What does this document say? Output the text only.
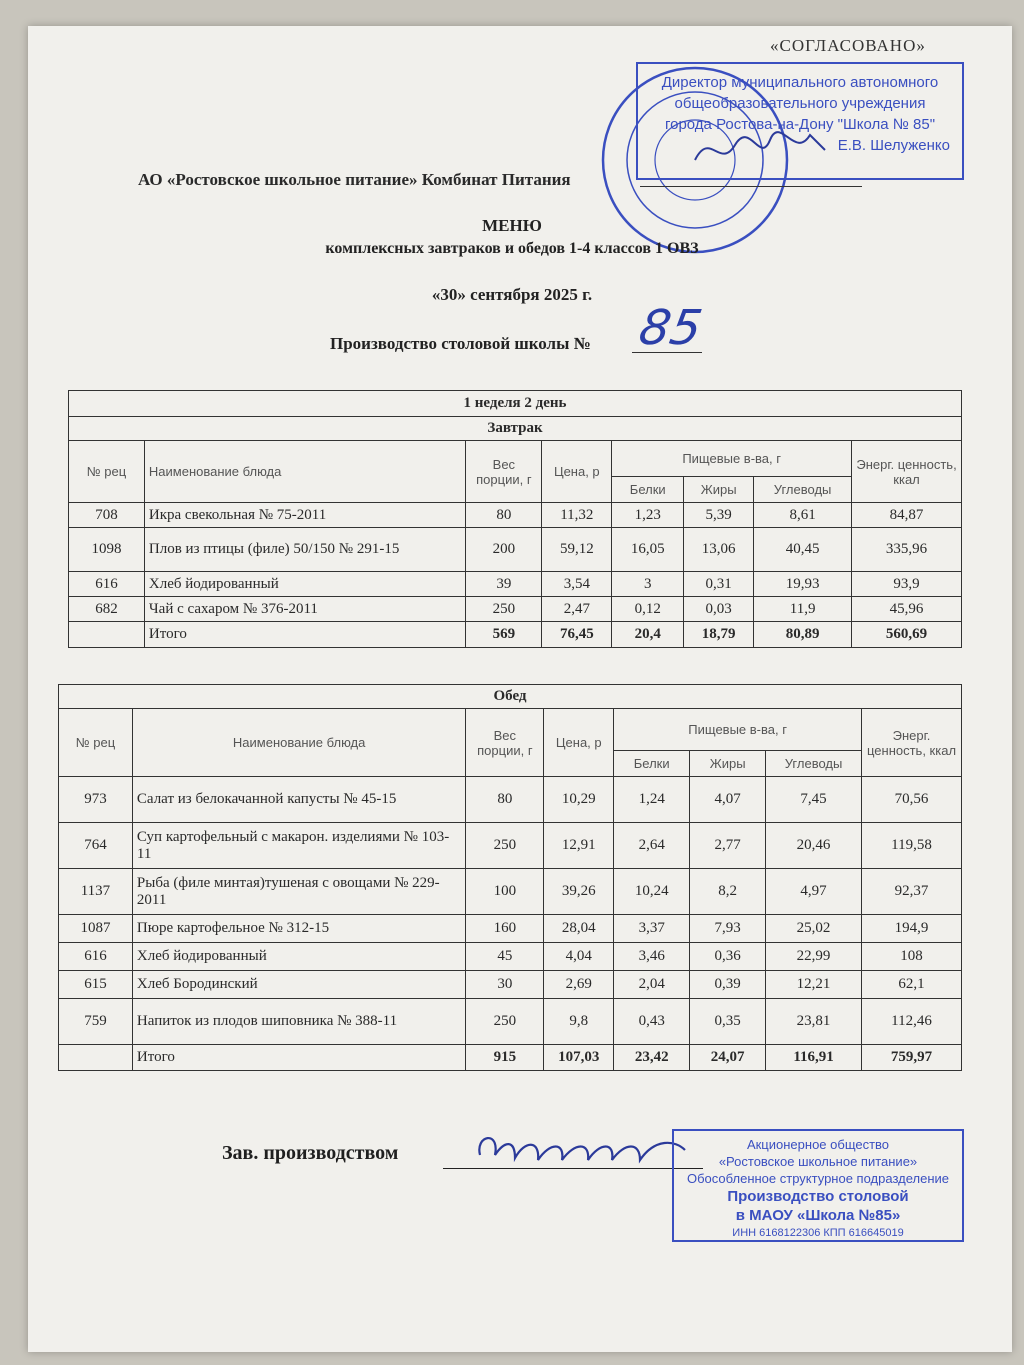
«СОГЛАСОВАНО»
Директор муниципального автономного
общеобразовательного учреждения
города Ростова-на-Дону "Школа № 85"
Е.В. Шелуженко
АО «Ростовское школьное питание» Комбинат Питания
МЕНЮ
комплексных завтраков и обедов 1-4 классов 1 ОВЗ
«30» сентября 2025 г.
Производство столовой школы № 85
1 неделя 2 день							
Завтрак							
№ рец	Наименование блюда	Вес порции, г	Цена, р	Пищевые в-ва, г			Энерг. ценность, ккал
				Белки	Жиры	Углеводы	
708	Икра свекольная № 75-2011	80	11,32	1,23	5,39	8,61	84,87
1098	Плов из птицы (филе) 50/150 № 291-15	200	59,12	16,05	13,06	40,45	335,96
616	Хлеб йодированный	39	3,54	3	0,31	19,93	93,9
682	Чай с сахаром № 376-2011	250	2,47	0,12	0,03	11,9	45,96
	Итого	569	76,45	20,4	18,79	80,89	560,69
Обед							
№ рец	Наименование блюда	Вес порции, г	Цена, р	Пищевые в-ва, г			Энерг. ценность, ккал
				Белки	Жиры	Углеводы	
973	Салат из белокачанной капусты № 45-15	80	10,29	1,24	4,07	7,45	70,56
764	Суп картофельный с макарон. изделиями № 103-11	250	12,91	2,64	2,77	20,46	119,58
1137	Рыба (филе минтая)тушеная с овощами № 229-2011	100	39,26	10,24	8,2	4,97	92,37
1087	Пюре картофельное № 312-15	160	28,04	3,37	7,93	25,02	194,9
616	Хлеб йодированный	45	4,04	3,46	0,36	22,99	108
615	Хлеб Бородинский	30	2,69	2,04	0,39	12,21	62,1
759	Напиток из плодов шиповника № 388-11	250	9,8	0,43	0,35	23,81	112,46
	Итого	915	107,03	23,42	24,07	116,91	759,97
Зав. производством	Акционерное общество
«Ростовское школьное питание»
Обособленное структурное подразделение
Производство столовой
в МАОУ «Школа №85»
ИНН 6168122306 КПП 616645019
